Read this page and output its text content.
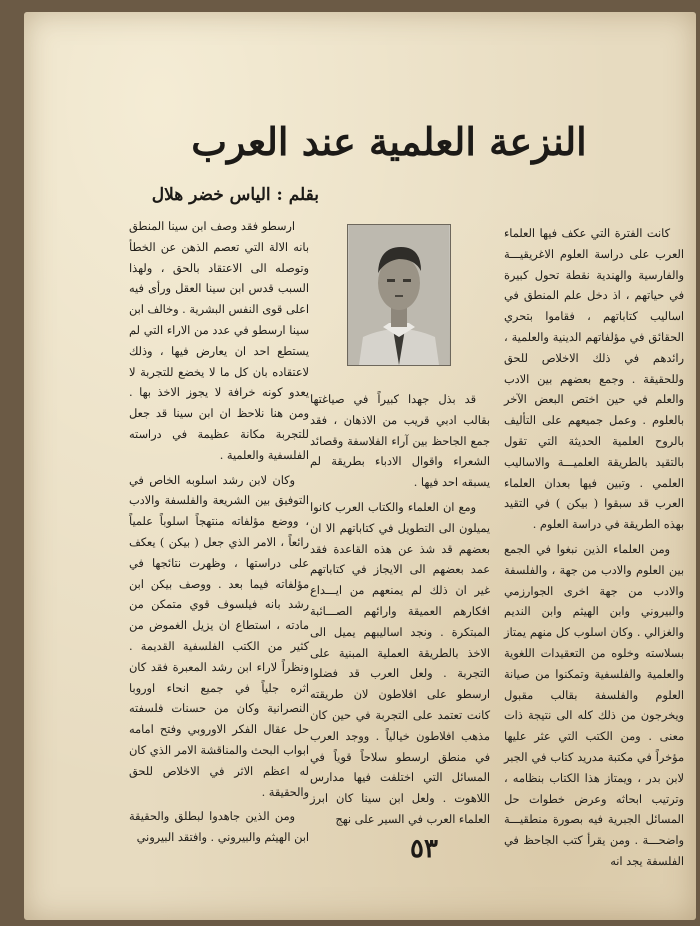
النزعة العلمية عند العرب
بقلم : الياس خضر هلال

كانت الفترة التي عكف فيها العلماء العرب على دراسة العلوم الاغريقيـــة والفارسية والهندية نقطة تحول كبيرة في حياتهم ، اذ دخل علم المنطق في اساليب كتاباتهم ، فقاموا بتحري الحقائق في مؤلفاتهم الدينية والعلمية ، رائدهم في ذلك الاخلاص للحق وللحقيقة . وجمع بعضهم بين الادب والعلم في حين اختص البعض الآخر بالعلوم . وعمل جميعهم على التأليف بالروح العلمية الحديثة التي تقول بالتقيد بالطريقة العلميـــة والاساليب العلمي . وتبين فيها بعدان العلماء العرب قد سبقوا ( بيكن ) في التقيد بهذه الطريقة في دراسة العلوم .

ومن العلماء الذين نبغوا في الجمع بين العلوم والادب من جهة ، والفلسفة والادب من جهة اخرى الجوارزمي والبيروني وابن الهيثم وابن النديم والغزالي . وكان اسلوب كل منهم يمتاز بسلاسته وخلوه من التعقيدات اللغوية والعلمية والفلسفية وتمكنوا من صيانة العلوم والفلسفة بقالب مقبول ويخرجون من ذلك كله الى نتيجة ذات معنى . ومن الكتب التي عثر عليها مؤخراً في مكتبة مدريد كتاب في الجبر لابن بدر ، ويمتاز هذا الكتاب بنظامه ، وترتيب ابحاثه وعرض خطوات حل المسائل الجبرية فيه بصورة منطقيـــة واضحـــة . ومن يقرأ كتب الجاحظ في الفلسفة يجد انه

قد بذل جهدا كبيراً في صياغتها بقالب ادبي قريب من الاذهان ، فقد جمع الجاحظ بين آراء الفلاسفة وقصائد الشعراء واقوال الادباء بطريقة لم يسبقه احد فيها .

ومع ان العلماء والكتاب العرب كانوا يميلون الى التطويل في كتاباتهم الا ان بعضهم قد شذ عن هذه القاعدة فقد عمد بعضهم الى الايجاز في كتاباتهم غير ان ذلك لم يمنعهم من ايـــداع افكارهم العميقة وارائهم الصـــائبة المبتكرة . ونجد اساليبهم يميل الى الاخذ بالطريقة العملية المبنية على التجربة . ولعل العرب قد فضلوا ارسطو على افلاطون لان طريقته كانت تعتمد على التجربة في حين كان مذهب افلاطون خيالياً . ووجد العرب في منطق ارسطو سلاحاً قوياً في المسائل التي اختلفت فيها مدارس اللاهوت . ولعل ابن سينا كان ابرز العلماء العرب في السير على نهج

ارسطو فقد وصف ابن سينا المنطق بانه الالة التي تعصم الذهن عن الخطأ وتوصله الى الاعتقاد بالحق ، ولهذا السبب قدس ابن سينا العقل ورأى فيه اعلى قوى النفس البشرية . وخالف ابن سينا ارسطو في عدد من الاراء التي لم يستطع احد ان يعارض فيها ، وذلك لاعتقاده بان كل ما لا يخضع للتجربة لا يعدو كونه خرافة لا يجوز الاخذ بها . ومن هنا نلاحظ ان ابن سينا قد جعل للتجربة مكانة عظيمة في دراسته الفلسفية والعلمية .

وكان لابن رشد اسلوبه الخاص في التوفيق بين الشريعة والفلسفة والادب ، ووضع مؤلفاته منتهجاً اسلوباً علمياً رائعاً ، الامر الذي جعل ( بيكن ) يعكف على دراستها ، وظهرت نتائجها في مؤلفاته فيما بعد . ووصف بيكن ابن رشد بانه فيلسوف قوي متمكن من مادته ، استطاع ان يزيل الغموض من كثير من الكتب الفلسفية القديمة . ونظراً لاراء ابن رشد المعبرة فقد كان اثره جلياً في جميع انحاء اوروبا النصرانية وكان من حسنات فلسفته حل عقال الفكر الاوروبي وفتح امامه ابواب البحث والمناقشة الامر الذي كان له اعظم الاثر في الاخلاص للحق والحقيقة .

ومن الذين جاهدوا لبطلق والحقيقة ابن الهيثم والبيروني . وافتقد البيروني	٥٣
